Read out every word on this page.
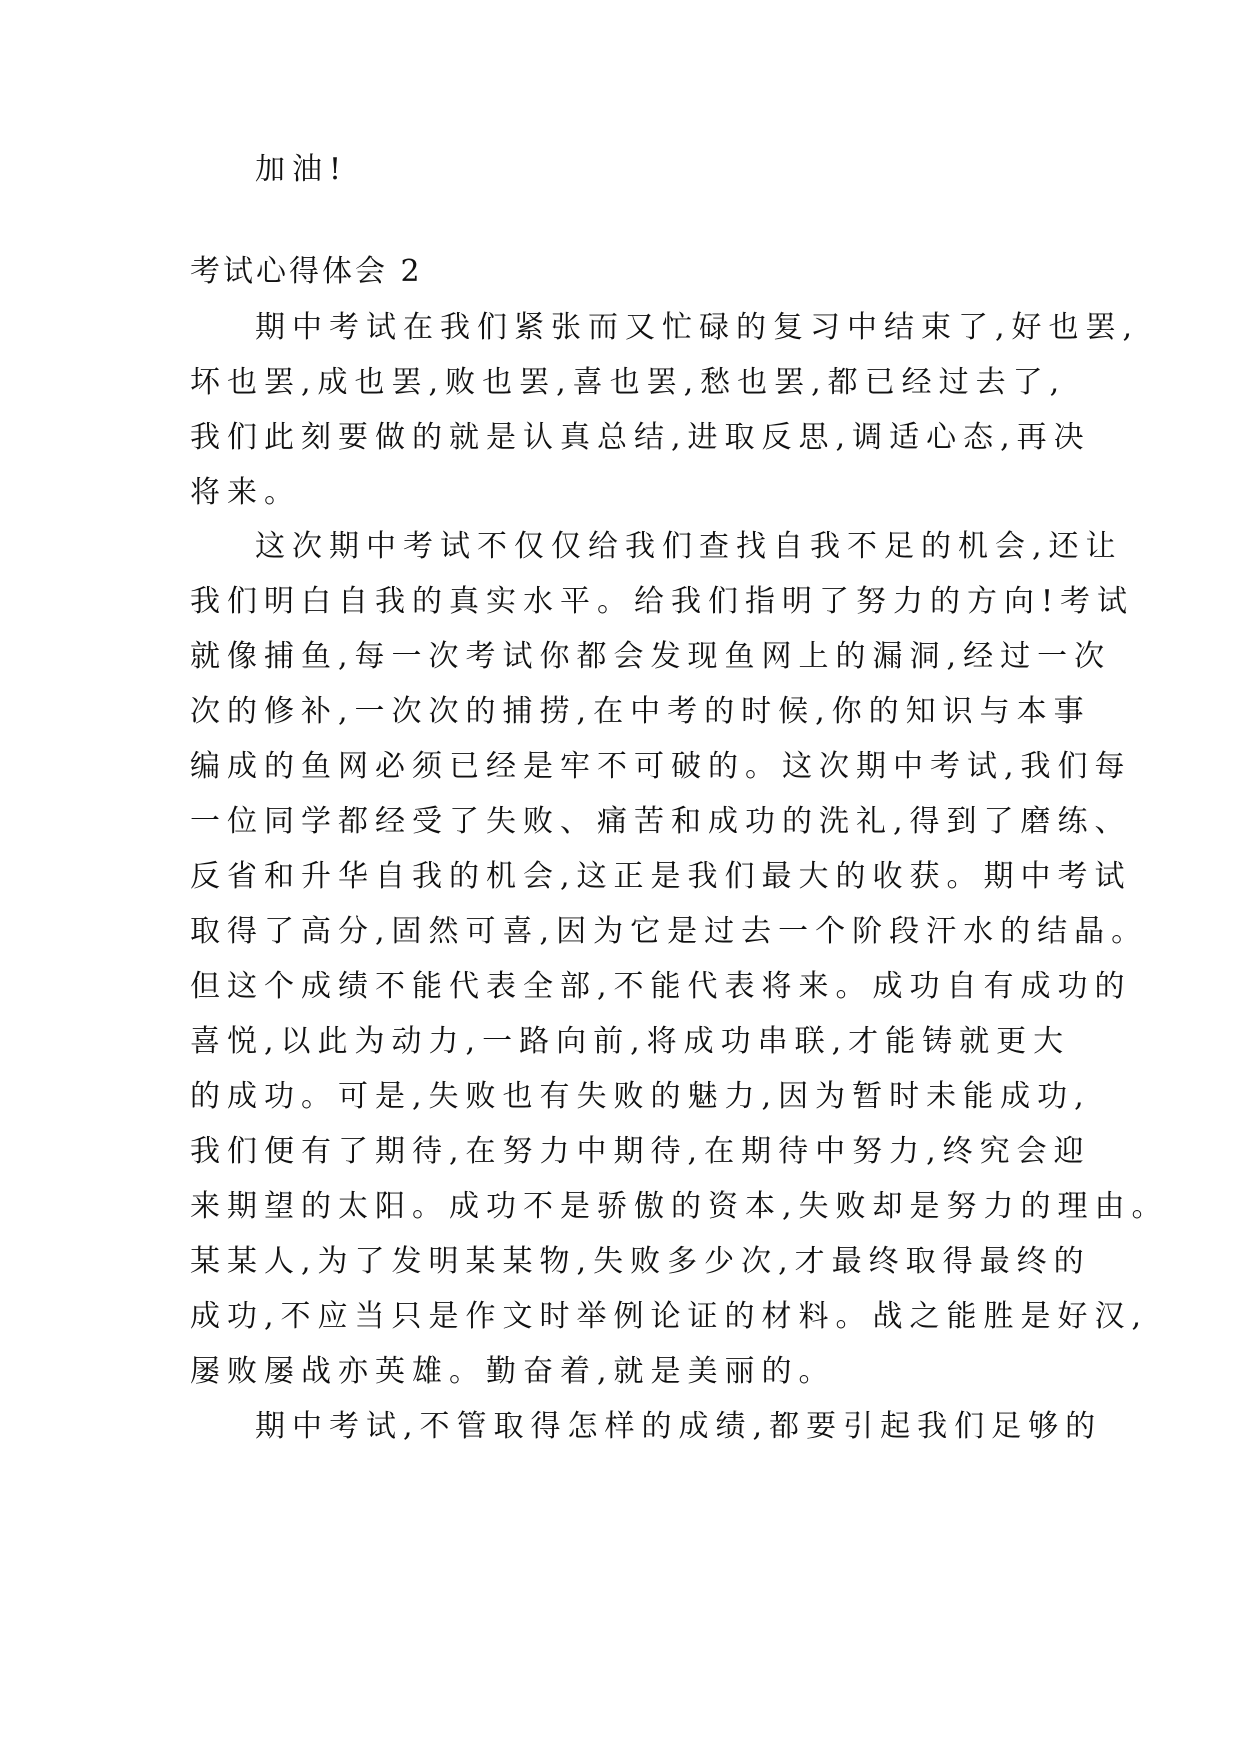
加油!
考试心得体会 2
期中考试在我们紧张而又忙碌的复习中结束了,好也罢,
坏也罢,成也罢,败也罢,喜也罢,愁也罢,都已经过去了,
我们此刻要做的就是认真总结,进取反思,调适心态,再决
将来。
这次期中考试不仅仅给我们查找自我不足的机会,还让
我们明白自我的真实水平。给我们指明了努力的方向!考试
就像捕鱼,每一次考试你都会发现鱼网上的漏洞,经过一次
次的修补,一次次的捕捞,在中考的时候,你的知识与本事
编成的鱼网必须已经是牢不可破的。这次期中考试,我们每
一位同学都经受了失败、痛苦和成功的洗礼,得到了磨练、
反省和升华自我的机会,这正是我们最大的收获。期中考试
取得了高分,固然可喜,因为它是过去一个阶段汗水的结晶。
但这个成绩不能代表全部,不能代表将来。成功自有成功的
喜悦,以此为动力,一路向前,将成功串联,才能铸就更大
的成功。可是,失败也有失败的魅力,因为暂时未能成功,
我们便有了期待,在努力中期待,在期待中努力,终究会迎
来期望的太阳。成功不是骄傲的资本,失败却是努力的理由。
某某人,为了发明某某物,失败多少次,才最终取得最终的
成功,不应当只是作文时举例论证的材料。战之能胜是好汉,
屡败屡战亦英雄。勤奋着,就是美丽的。
期中考试,不管取得怎样的成绩,都要引起我们足够的
